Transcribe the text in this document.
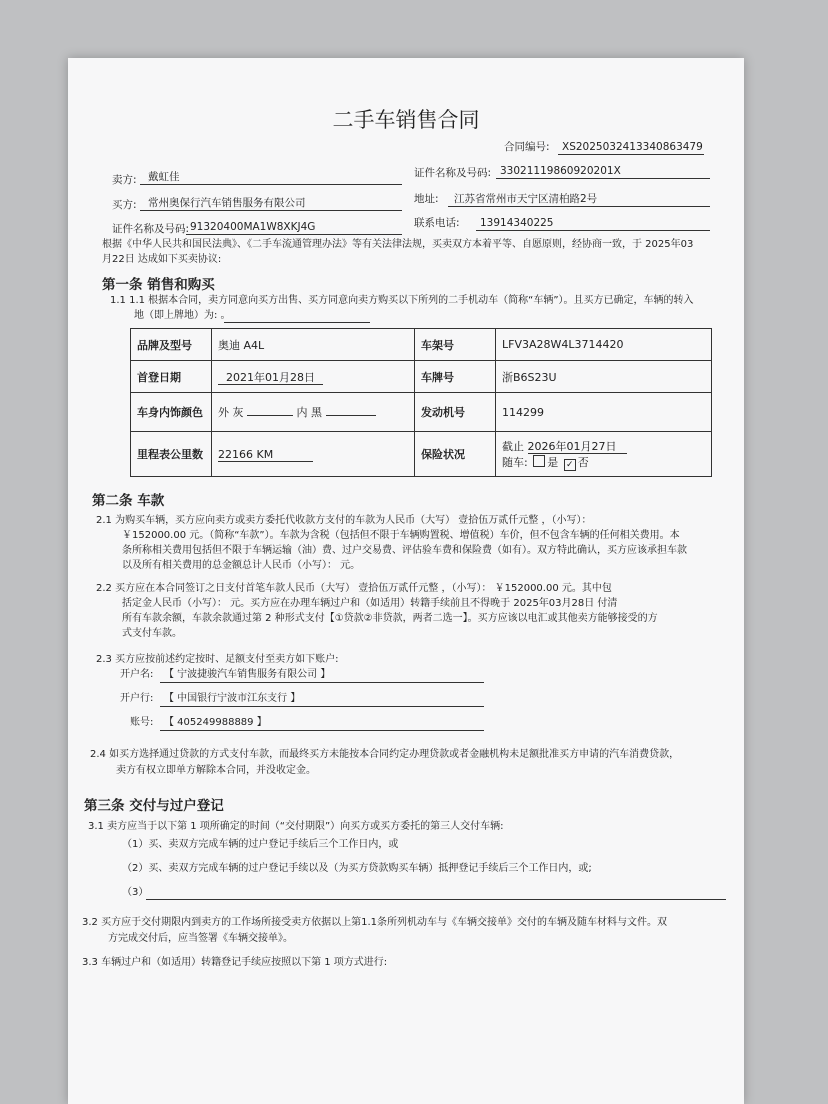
二手车销售合同
合同编号: XS2025032413340863479
卖方: 戴虹佳	证件名称及号码: 33021119860920201X
买方: 常州奥保行汽车销售服务有限公司	地址: 江苏省常州市天宁区清柏路2号
证件名称及号码: 91320400MA1W8XKJ4G	联系电话: 13914340225
根据《中华人民共和国民法典》、《二手车流通管理办法》等有关法律法规，买卖双方本着平等、自愿原则，经协商一致，于 2025年03
月22日 达成如下买卖协议:
第一条 销售和购买
1.1 1.1 根据本合同，卖方同意向买方出售、买方同意向卖方购买以下所列的二手机动车（简称“车辆”）。且买方已确定，车辆的转入
地（即上牌地）为: 。
品牌及型号	奥迪 A4L	车架号	LFV3A28W4L3714420
首登日期	2021年01月28日	车牌号	浙B6S23U
车身内饰颜色	外 灰 内 黑	发动机号	114299
里程表公里数	22166 KM	保险状况	截止 2026年01月27日
随车: 是 ✓ 否
第二条 车款
2.1 为购买车辆，买方应向卖方或卖方委托代收款方支付的车款为人民币（大写） 壹拾伍万贰仟元整 ，（小写）：
￥152000.00 元。（简称“车款”）。车款为含税（包括但不限于车辆购置税、增值税）车价，但不包含车辆的任何相关费用。本
条所称相关费用包括但不限于车辆运输（油）费、过户交易费、评估验车费和保险费（如有）。双方特此确认，买方应该承担车款
以及所有相关费用的总金额总计人民币（小写）： 元。
2.2 买方应在本合同签订之日支付首笔车款人民币（大写） 壹拾伍万贰仟元整 ，（小写）： ￥152000.00 元。其中包
括定金人民币（小写）： 元。买方应在办理车辆过户和（如适用）转籍手续前且不得晚于 2025年03月28日 付清
所有车款余额，车款余款通过第 2 种形式支付【①贷款②非贷款，两者二选一】。买方应该以电汇或其他卖方能够接受的方
式支付车款。
2.3 买方应按前述约定按时、足额支付至卖方如下账户:
开户名: 【 宁波捷骏汽车销售服务有限公司 】
开户行: 【 中国银行宁波市江东支行 】
账号: 【 405249988889 】
2.4 如买方选择通过贷款的方式支付车款，而最终买方未能按本合同约定办理贷款或者金融机构未足额批准买方申请的汽车消费贷款，
卖方有权立即单方解除本合同，并没收定金。
第三条 交付与过户登记
3.1 卖方应当于以下第 1 项所确定的时间（“交付期限”）向买方或买方委托的第三人交付车辆:
（1）买、卖双方完成车辆的过户登记手续后三个工作日内，或
（2）买、卖双方完成车辆的过户登记手续以及（为买方贷款购买车辆）抵押登记手续后三个工作日内，或;
（3）
3.2 买方应于交付期限内到卖方的工作场所接受卖方依据以上第1.1条所列机动车与《车辆交接单》交付的车辆及随车材料与文件。双
方完成交付后，应当签署《车辆交接单》。
3.3 车辆过户和（如适用）转籍登记手续应按照以下第 1 项方式进行:
